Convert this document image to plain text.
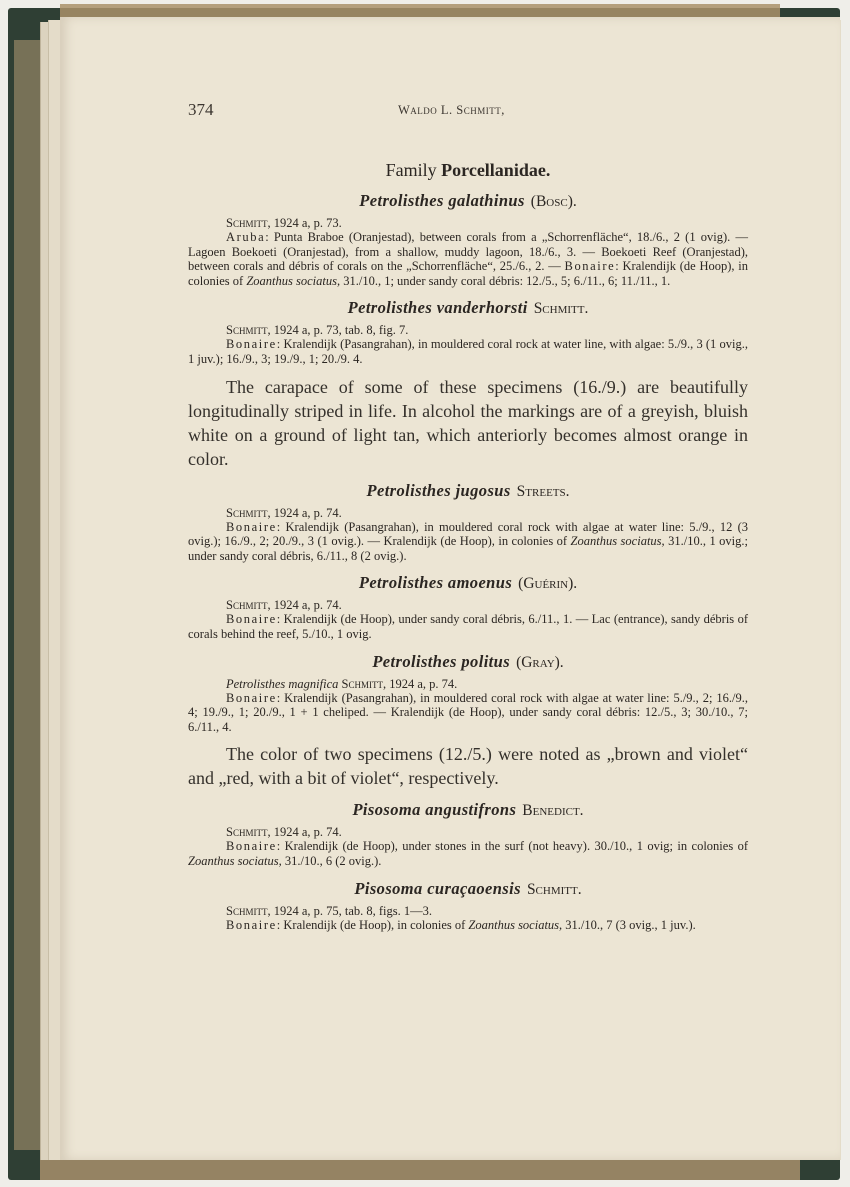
374	Waldo L. Schmitt,
Family Porcellanidae.
Petrolisthes galathinus (Bosc).

Schmitt, 1924 a, p. 73.

Aruba: Punta Braboe (Oranjestad), between corals from a „Schorrenfläche“, 18./6., 2 (1 ovig). — Lagoen Boekoeti (Oranjestad), from a shallow, muddy lagoon, 18./6., 3. — Boekoeti Reef (Oranjestad), between corals and débris of corals on the „Schorrenfläche“, 25./6., 2. — Bonaire: Kralendijk (de Hoop), in colonies of Zoanthus sociatus, 31./10., 1; under sandy coral débris: 12./5., 5; 6./11., 6; 11./11., 1.

Petrolisthes vanderhorsti Schmitt.

Schmitt, 1924 a, p. 73, tab. 8, fig. 7.

Bonaire: Kralendijk (Pasangrahan), in mouldered coral rock at water line, with algae: 5./9., 3 (1 ovig., 1 juv.); 16./9., 3; 19./9., 1; 20./9. 4.

The carapace of some of these specimens (16./9.) are beautifully longitudinally striped in life. In alcohol the markings are of a greyish, bluish white on a ground of light tan, which anteriorly becomes almost orange in color.

Petrolisthes jugosus Streets.

Schmitt, 1924 a, p. 74.

Bonaire: Kralendijk (Pasangrahan), in mouldered coral rock with algae at water line: 5./9., 12 (3 ovig.); 16./9., 2; 20./9., 3 (1 ovig.). — Kralendijk (de Hoop), in colonies of Zoanthus sociatus, 31./10., 1 ovig.; under sandy coral débris, 6./11., 8 (2 ovig.).

Petrolisthes amoenus (Guérin).

Schmitt, 1924 a, p. 74.

Bonaire: Kralendijk (de Hoop), under sandy coral débris, 6./11., 1. — Lac (entrance), sandy débris of corals behind the reef, 5./10., 1 ovig.

Petrolisthes politus (Gray).

Petrolisthes magnifica Schmitt, 1924 a, p. 74.

Bonaire: Kralendijk (Pasangrahan), in mouldered coral rock with algae at water line: 5./9., 2; 16./9., 4; 19./9., 1; 20./9., 1 + 1 cheliped. — Kralendijk (de Hoop), under sandy coral débris: 12./5., 3; 30./10., 7; 6./11., 4.

The color of two specimens (12./5.) were noted as „brown and violet“ and „red, with a bit of violet“, respectively.

Pisosoma angustifrons Benedict.

Schmitt, 1924 a, p. 74.

Bonaire: Kralendijk (de Hoop), under stones in the surf (not heavy). 30./10., 1 ovig; in colonies of Zoanthus sociatus, 31./10., 6 (2 ovig.).

Pisosoma curaçaoensis Schmitt.

Schmitt, 1924 a, p. 75, tab. 8, figs. 1—3.

Bonaire: Kralendijk (de Hoop), in colonies of Zoanthus sociatus, 31./10., 7 (3 ovig., 1 juv.).
